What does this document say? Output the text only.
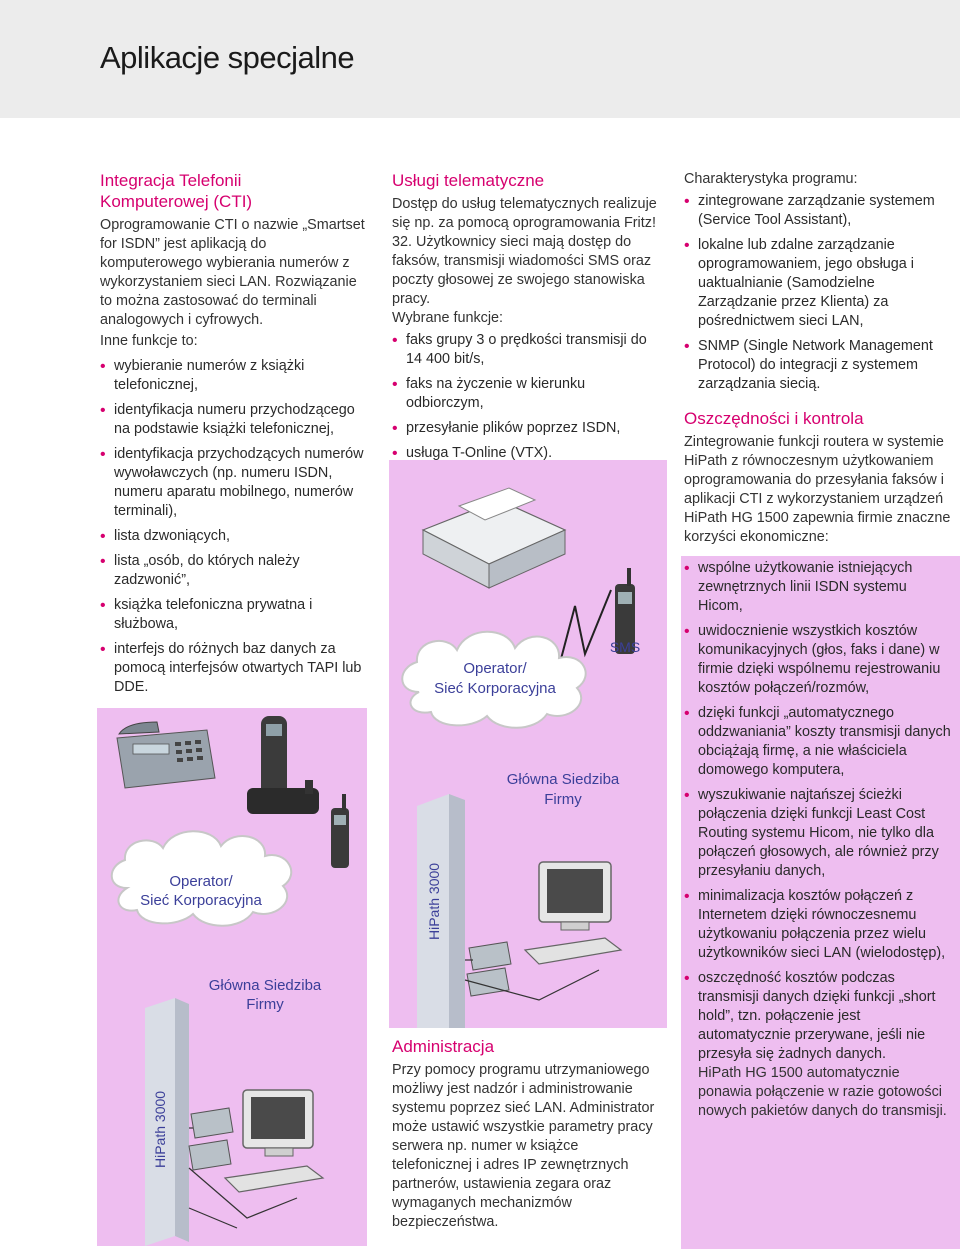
Aplikacje specjalne
Operator/
Sieć Korporacyjna
Główna Siedziba
Firmy
HiPath 3000
SMS
Operator/
Sieć Korporacyjna
Główna Siedziba
Firmy
HiPath 3000
Integracja Telefonii
Komputerowej (CTI)

Oprogramowanie CTI o nazwie „Smartset for ISDN” jest aplikacją do komputerowego wybierania numerów z wykorzystaniem sieci LAN. Rozwiązanie to można zastosować do terminali analogowych i cyfrowych.

Inne funkcje to:

• wybieranie numerów z książki telefonicznej,
• identyfikacja numeru przychodzącego na podstawie książki telefonicznej,
• identyfikacja przychodzących numerów wywoławczych (np. numeru ISDN, numeru aparatu mobilnego, numerów terminali),
• lista dzwoniących,
• lista „osób, do których należy zadzwonić”,
• książka telefoniczna prywatna i służbowa,
• interfejs do różnych baz danych za pomocą interfejsów otwartych TAPI lub DDE.
Usługi telematyczne

Dostęp do usług telematycznych realizuje się np. za pomocą oprogramowania Fritz! 32. Użytkownicy sieci mają dostęp do faksów, transmisji wiadomości SMS oraz poczty głosowej ze swojego stanowiska pracy.

Wybrane funkcje:

• faks grupy 3 o prędkości transmisji do 14 400 bit/s,
• faks na życzenie w kierunku odbiorczym,
• przesyłanie plików poprzez ISDN,
• usługa T-Online (VTX).
Administracja

Przy pomocy programu utrzymaniowego możliwy jest nadzór i administrowanie systemu poprzez sieć LAN. Administrator może ustawić wszystkie parametry pracy serwera np. numer w książce telefonicznej i adres IP zewnętrznych partnerów, ustawienia zegara oraz wymaganych mechanizmów bezpieczeństwa.

Charakterystyka programu:

• zintegrowane zarządzanie systemem (Service Tool Assistant),
• lokalne lub zdalne zarządzanie oprogramowaniem, jego obsługa i uaktualnianie (Samodzielne Zarządzanie przez Klienta) za pośrednictwem sieci LAN,
• SNMP (Single Network Management Protocol) do integracji z systemem zarządzania siecią.
Oszczędności i kontrola

Zintegrowanie funkcji routera w systemie HiPath z równoczesnym użytkowaniem oprogramowania do przesyłania faksów i aplikacji CTI z wykorzystaniem urządzeń HiPath HG 1500 zapewnia firmie znaczne korzyści ekonomiczne:

• wspólne użytkowanie istniejących zewnętrznych linii ISDN systemu Hicom,
• uwidocznienie wszystkich kosztów komunikacyjnych (głos, faks i dane) w firmie dzięki wspólnemu rejestrowaniu kosztów połączeń/rozmów,
• dzięki funkcji „automatycznego oddzwaniania” koszty transmisji danych obciążają firmę, a nie właściciela domowego komputera,
• wyszukiwanie najtańszej ścieżki połączenia dzięki funkcji Least Cost Routing systemu Hicom, nie tylko dla połączeń głosowych, ale również przy przesyłaniu danych,
• minimalizacja kosztów połączeń z Internetem dzięki równoczesnemu użytkowaniu połączenia przez wielu użytkowników sieci LAN (wielodostęp),
• oszczędność kosztów podczas transmisji danych dzięki funkcji „short hold”, tzn. połączenie jest automatycznie przerywane, jeśli nie przesyła się żadnych danych.

HiPath HG 1500 automatycznie ponawia połączenie w razie gotowości nowych pakietów danych do transmisji.
